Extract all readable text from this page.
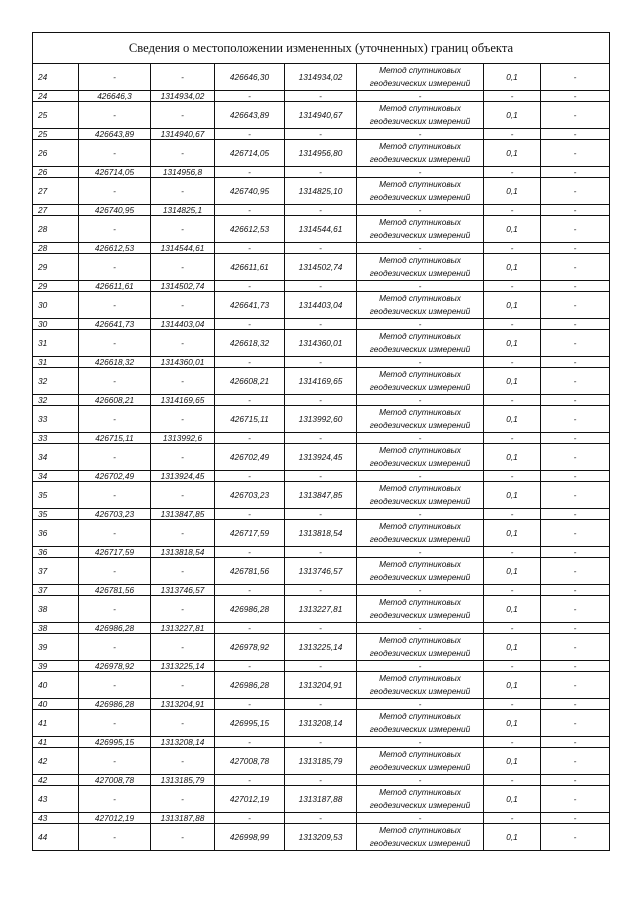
Сведения о местоположении измененных (уточненных) границ объекта							
24	-	-	426646,30	1314934,02	Метод спутниковых геодезических измерений	0,1	-
24	426646,3	1314934,02	-	-	-	-	-
25	-	-	426643,89	1314940,67	Метод спутниковых геодезических измерений	0,1	-
25	426643,89	1314940,67	-	-	-	-	-
26	-	-	426714,05	1314956,80	Метод спутниковых геодезических измерений	0,1	-
26	426714,05	1314956,8	-	-	-	-	-
27	-	-	426740,95	1314825,10	Метод спутниковых геодезических измерений	0,1	-
27	426740,95	1314825,1	-	-	-	-	-
28	-	-	426612,53	1314544,61	Метод спутниковых геодезических измерений	0,1	-
28	426612,53	1314544,61	-	-	-	-	-
29	-	-	426611,61	1314502,74	Метод спутниковых геодезических измерений	0,1	-
29	426611,61	1314502,74	-	-	-	-	-
30	-	-	426641,73	1314403,04	Метод спутниковых геодезических измерений	0,1	-
30	426641,73	1314403,04	-	-	-	-	-
31	-	-	426618,32	1314360,01	Метод спутниковых геодезических измерений	0,1	-
31	426618,32	1314360,01	-	-	-	-	-
32	-	-	426608,21	1314169,65	Метод спутниковых геодезических измерений	0,1	-
32	426608,21	1314169,65	-	-	-	-	-
33	-	-	426715,11	1313992,60	Метод спутниковых геодезических измерений	0,1	-
33	426715,11	1313992,6	-	-	-	-	-
34	-	-	426702,49	1313924,45	Метод спутниковых геодезических измерений	0,1	-
34	426702,49	1313924,45	-	-	-	-	-
35	-	-	426703,23	1313847,85	Метод спутниковых геодезических измерений	0,1	-
35	426703,23	1313847,85	-	-	-	-	-
36	-	-	426717,59	1313818,54	Метод спутниковых геодезических измерений	0,1	-
36	426717,59	1313818,54	-	-	-	-	-
37	-	-	426781,56	1313746,57	Метод спутниковых геодезических измерений	0,1	-
37	426781,56	1313746,57	-	-	-	-	-
38	-	-	426986,28	1313227,81	Метод спутниковых геодезических измерений	0,1	-
38	426986,28	1313227,81	-	-	-	-	-
39	-	-	426978,92	1313225,14	Метод спутниковых геодезических измерений	0,1	-
39	426978,92	1313225,14	-	-	-	-	-
40	-	-	426986,28	1313204,91	Метод спутниковых геодезических измерений	0,1	-
40	426986,28	1313204,91	-	-	-	-	-
41	-	-	426995,15	1313208,14	Метод спутниковых геодезических измерений	0,1	-
41	426995,15	1313208,14	-	-	-	-	-
42	-	-	427008,78	1313185,79	Метод спутниковых геодезических измерений	0,1	-
42	427008,78	1313185,79	-	-	-	-	-
43	-	-	427012,19	1313187,88	Метод спутниковых геодезических измерений	0,1	-
43	427012,19	1313187,88	-	-	-	-	-
44	-	-	426998,99	1313209,53	Метод спутниковых геодезических измерений	0,1	-
